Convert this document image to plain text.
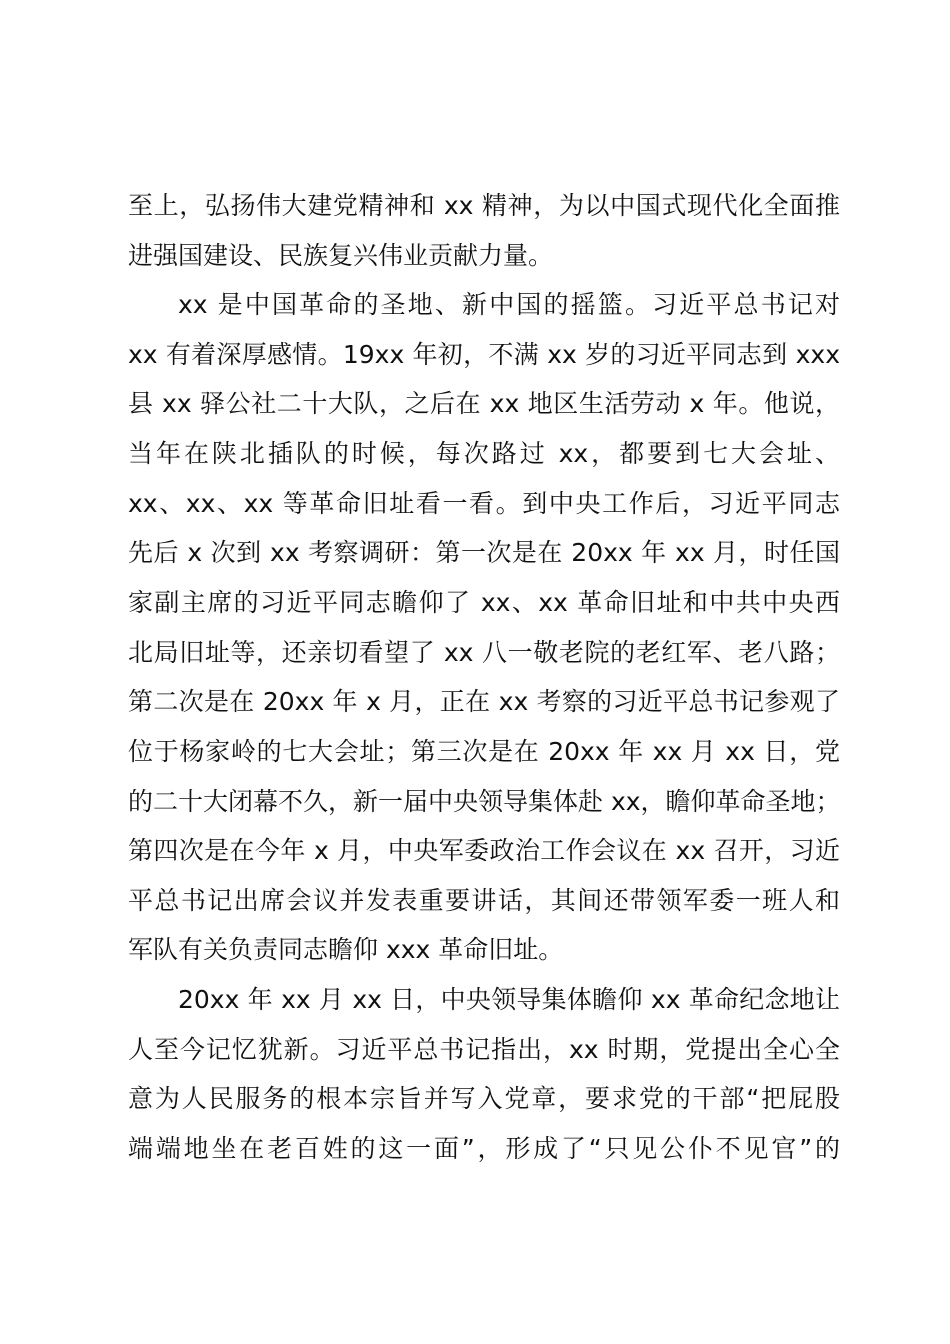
至上，弘扬伟大建党精神和 xx 精神，为以中国式现代化全面推
进强国建设、民族复兴伟业贡献力量。
xx 是中国革命的圣地、新中国的摇篮。习近平总书记对
xx 有着深厚感情。19xx 年初，不满 xx 岁的习近平同志到 xxx
县 xx 驿公社二十大队，之后在 xx 地区生活劳动 x 年。他说，
当年在陕北插队的时候，每次路过 xx，都要到七大会址、
xx、xx、xx 等革命旧址看一看。到中央工作后，习近平同志
先后 x 次到 xx 考察调研：第一次是在 20xx 年 xx 月，时任国
家副主席的习近平同志瞻仰了 xx、xx 革命旧址和中共中央西
北局旧址等，还亲切看望了 xx 八一敬老院的老红军、老八路；
第二次是在 20xx 年 x 月，正在 xx 考察的习近平总书记参观了
位于杨家岭的七大会址；第三次是在 20xx 年 xx 月 xx 日，党
的二十大闭幕不久，新一届中央领导集体赴 xx，瞻仰革命圣地；
第四次是在今年 x 月，中央军委政治工作会议在 xx 召开，习近
平总书记出席会议并发表重要讲话，其间还带领军委一班人和
军队有关负责同志瞻仰 xxx 革命旧址。
20xx 年 xx 月 xx 日，中央领导集体瞻仰 xx 革命纪念地让
人至今记忆犹新。习近平总书记指出，xx 时期，党提出全心全
意为人民服务的根本宗旨并写入党章，要求党的干部“把屁股
端端地坐在老百姓的这一面”，形成了“只见公仆不见官”的
